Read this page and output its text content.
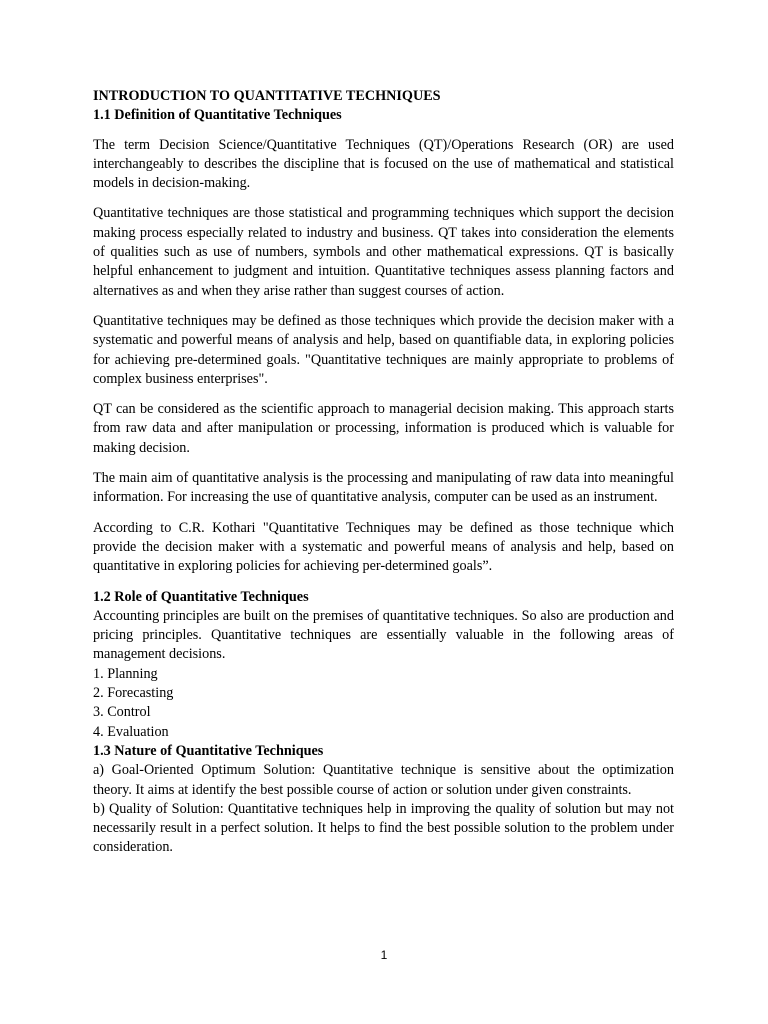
INTRODUCTION TO QUANTITATIVE TECHNIQUES
1.1 Definition of Quantitative Techniques

The term Decision Science/Quantitative Techniques (QT)/Operations Research (OR) are used interchangeably to describes the discipline that is focused on the use of mathematical and statistical models in decision-making.

Quantitative techniques are those statistical and programming techniques which support the decision making process especially related to industry and business. QT takes into consideration the elements of qualities such as use of numbers, symbols and other mathematical expressions. QT is basically helpful enhancement to judgment and intuition. Quantitative techniques assess planning factors and alternatives as and when they arise rather than suggest courses of action.

Quantitative techniques may be defined as those techniques which provide the decision maker with a systematic and powerful means of analysis and help, based on quantifiable data, in exploring policies for achieving pre-determined goals. "Quantitative techniques are mainly appropriate to problems of complex business enterprises".

QT can be considered as the scientific approach to managerial decision making. This approach starts from raw data and after manipulation or processing, information is produced which is valuable for making decision.

The main aim of quantitative analysis is the processing and manipulating of raw data into meaningful information. For increasing the use of quantitative analysis, computer can be used as an instrument.

According to C.R. Kothari "Quantitative Techniques may be defined as those technique which provide the decision maker with a systematic and powerful means of analysis and help, based on quantitative in exploring policies for achieving per-determined goals”.

1.2 Role of Quantitative Techniques

Accounting principles are built on the premises of quantitative techniques. So also are production and pricing principles. Quantitative techniques are essentially valuable in the following areas of management decisions.

1. Planning
2. Forecasting
3. Control
4. Evaluation
1.3 Nature of Quantitative Techniques

a) Goal-Oriented Optimum Solution: Quantitative technique is sensitive about the optimization theory. It aims at identify the best possible course of action or solution under given constraints.

b) Quality of Solution: Quantitative techniques help in improving the quality of solution but may not necessarily result in a perfect solution. It helps to find the best possible solution to the problem under consideration.

1
